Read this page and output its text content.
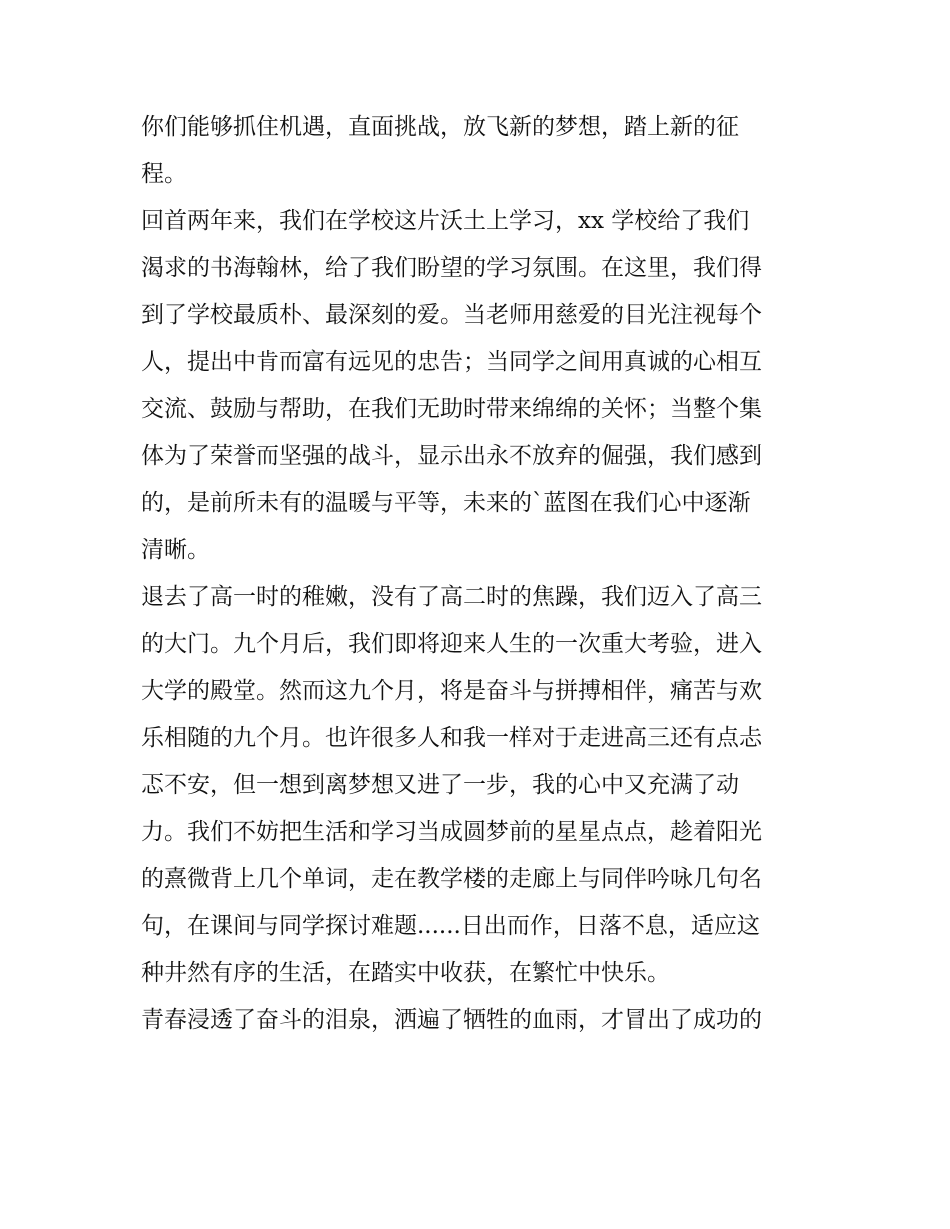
你们能够抓住机遇，直面挑战，放飞新的梦想，踏上新的征
程。
回首两年来，我们在学校这片沃土上学习，xx 学校给了我们
渴求的书海翰林，给了我们盼望的学习氛围。在这里，我们得
到了学校最质朴、最深刻的爱。当老师用慈爱的目光注视每个
人，提出中肯而富有远见的忠告；当同学之间用真诚的心相互
交流、鼓励与帮助，在我们无助时带来绵绵的关怀；当整个集
体为了荣誉而坚强的战斗，显示出永不放弃的倔强，我们感到
的，是前所未有的温暖与平等，未来的`蓝图在我们心中逐渐
清晰。
退去了高一时的稚嫩，没有了高二时的焦躁，我们迈入了高三
的大门。九个月后，我们即将迎来人生的一次重大考验，进入
大学的殿堂。然而这九个月，将是奋斗与拼搏相伴，痛苦与欢
乐相随的九个月。也许很多人和我一样对于走进高三还有点忐
忑不安，但一想到离梦想又进了一步，我的心中又充满了动
力。我们不妨把生活和学习当成圆梦前的星星点点，趁着阳光
的熹微背上几个单词，走在教学楼的走廊上与同伴吟咏几句名
句，在课间与同学探讨难题......日出而作，日落不息，适应这
种井然有序的生活，在踏实中收获，在繁忙中快乐。
青春浸透了奋斗的泪泉，洒遍了牺牲的血雨，才冒出了成功的
